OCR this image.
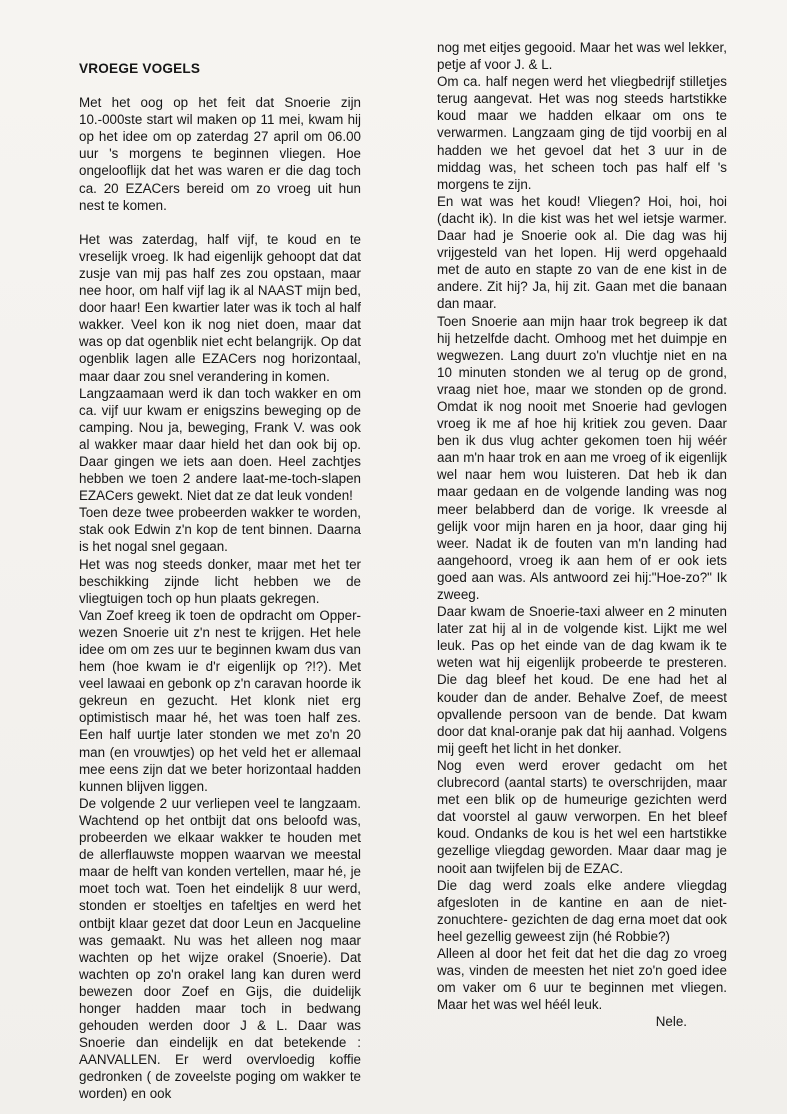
VROEGE VOGELS

Met het oog op het feit dat Snoerie zijn 10.-000ste start wil maken op 11 mei, kwam hij op het idee om op zaterdag 27 april om 06.00 uur 's morgens te beginnen vliegen. Hoe ongelooflijk dat het was waren er die dag toch ca. 20 EZACers bereid om zo vroeg uit hun nest te komen.

Het was zaterdag, half vijf, te koud en te vreselijk vroeg. Ik had eigenlijk gehoopt dat dat zusje van mij pas half zes zou opstaan, maar nee hoor, om half vijf lag ik al NAAST mijn bed, door haar! Een kwartier later was ik toch al half wakker. Veel kon ik nog niet doen, maar dat was op dat ogenblik niet echt belangrijk. Op dat ogenblik lagen alle EZACers nog horizontaal, maar daar zou snel verandering in komen.

Langzaamaan werd ik dan toch wakker en om ca. vijf uur kwam er enigszins beweging op de camping. Nou ja, beweging, Frank V. was ook al wakker maar daar hield het dan ook bij op. Daar gingen we iets aan doen. Heel zachtjes hebben we toen 2 andere laat-me-toch-slapen EZACers gewekt. Niet dat ze dat leuk vonden!

Toen deze twee probeerden wakker te worden, stak ook Edwin z'n kop de tent binnen. Daarna is het nogal snel gegaan.

Het was nog steeds donker, maar met het ter beschikking zijnde licht hebben we de vliegtuigen toch op hun plaats gekregen.

Van Zoef kreeg ik toen de opdracht om Opper-wezen Snoerie uit z'n nest te krijgen. Het hele idee om om zes uur te beginnen kwam dus van hem (hoe kwam ie d'r eigenlijk op ?!?). Met veel lawaai en gebonk op z'n caravan hoorde ik gekreun en gezucht. Het klonk niet erg optimistisch maar hé, het was toen half zes. Een half uurtje later stonden we met zo'n 20 man (en vrouwtjes) op het veld het er allemaal mee eens zijn dat we beter horizontaal hadden kunnen blijven liggen.

De volgende 2 uur verliepen veel te langzaam. Wachtend op het ontbijt dat ons beloofd was, probeerden we elkaar wakker te houden met de allerflauwste moppen waarvan we meestal maar de helft van konden vertellen, maar hé, je moet toch wat. Toen het eindelijk 8 uur werd, stonden er stoeltjes en tafeltjes en werd het ontbijt klaar gezet dat door Leun en Jacqueline was gemaakt. Nu was het alleen nog maar wachten op het wijze orakel (Snoerie). Dat wachten op zo'n orakel lang kan duren werd bewezen door Zoef en Gijs, die duidelijk honger hadden maar toch in bedwang gehouden werden door J & L. Daar was Snoerie dan eindelijk en dat betekende : AANVALLEN. Er werd overvloedig koffie gedronken ( de zoveelste poging om wakker te worden) en ook

nog met eitjes gegooid. Maar het was wel lekker, petje af voor J. & L.

Om ca. half negen werd het vliegbedrijf stilletjes terug aangevat. Het was nog steeds hartstikke koud maar we hadden elkaar om ons te verwarmen. Langzaam ging de tijd voorbij en al hadden we het gevoel dat het 3 uur in de middag was, het scheen toch pas half elf 's morgens te zijn.

En wat was het koud! Vliegen? Hoi, hoi, hoi (dacht ik). In die kist was het wel ietsje warmer. Daar had je Snoerie ook al. Die dag was hij vrijgesteld van het lopen. Hij werd opgehaald met de auto en stapte zo van de ene kist in de andere. Zit hij? Ja, hij zit. Gaan met die banaan dan maar.

Toen Snoerie aan mijn haar trok begreep ik dat hij hetzelfde dacht. Omhoog met het duimpje en wegwezen. Lang duurt zo'n vluchtje niet en na 10 minuten stonden we al terug op de grond, vraag niet hoe, maar we stonden op de grond. Omdat ik nog nooit met Snoerie had gevlogen vroeg ik me af hoe hij kritiek zou geven. Daar ben ik dus vlug achter gekomen toen hij wéér aan m'n haar trok en aan me vroeg of ik eigenlijk wel naar hem wou luisteren. Dat heb ik dan maar gedaan en de volgende landing was nog meer belabberd dan de vorige. Ik vreesde al gelijk voor mijn haren en ja hoor, daar ging hij weer. Nadat ik de fouten van m'n landing had aangehoord, vroeg ik aan hem of er ook iets goed aan was. Als antwoord zei hij:"Hoe-zo?" Ik zweeg.

Daar kwam de Snoerie-taxi alweer en 2 minuten later zat hij al in de volgende kist. Lijkt me wel leuk. Pas op het einde van de dag kwam ik te weten wat hij eigenlijk probeerde te presteren. Die dag bleef het koud. De ene had het al kouder dan de ander. Behalve Zoef, de meest opvallende persoon van de bende. Dat kwam door dat knal-oranje pak dat hij aanhad. Volgens mij geeft het licht in het donker.

Nog even werd erover gedacht om het clubrecord (aantal starts) te overschrijden, maar met een blik op de humeurige gezichten werd dat voorstel al gauw verworpen. En het bleef koud. Ondanks de kou is het wel een hartstikke gezellige vliegdag geworden. Maar daar mag je nooit aan twijfelen bij de EZAC.

Die dag werd zoals elke andere vliegdag afgesloten in de kantine en aan de niet- zonuchtere- gezichten de dag erna moet dat ook heel gezellig geweest zijn (hé Robbie?)

Alleen al door het feit dat het die dag zo vroeg was, vinden de meesten het niet zo'n goed idee om vaker om 6 uur te beginnen met vliegen. Maar het was wel héél leuk.

Nele.
